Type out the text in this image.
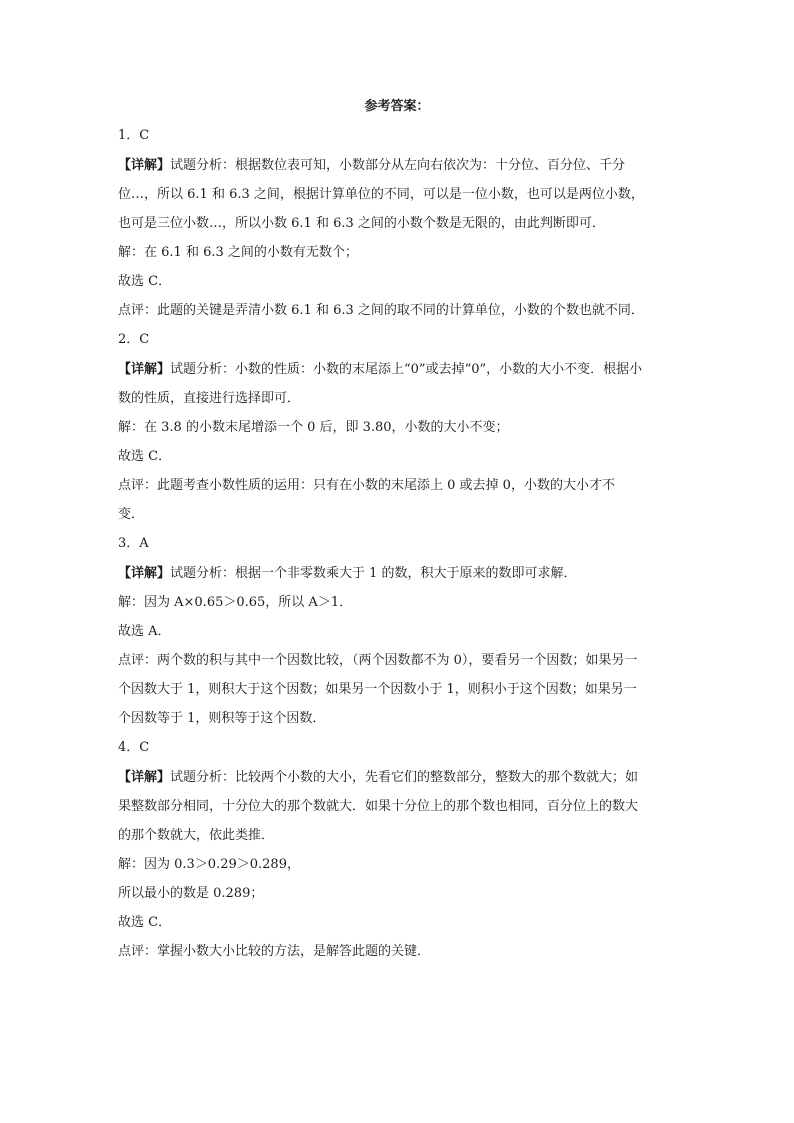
参考答案：
1．C
【详解】试题分析：根据数位表可知，小数部分从左向右依次为：十分位、百分位、千分
位…，所以 6.1 和 6.3 之间，根据计算单位的不同，可以是一位小数，也可以是两位小数，
也可是三位小数…，所以小数 6.1 和 6.3 之间的小数个数是无限的，由此判断即可．
解：在 6.1 和 6.3 之间的小数有无数个；
故选 C．
点评：此题的关键是弄清小数 6.1 和 6.3 之间的取不同的计算单位，小数的个数也就不同．
2．C
【详解】试题分析：小数的性质：小数的末尾添上“0”或去掉“0”，小数的大小不变．根据小
数的性质，直接进行选择即可．
解：在 3.8 的小数末尾增添一个 0 后，即 3.80，小数的大小不变；
故选 C．
点评：此题考查小数性质的运用：只有在小数的末尾添上 0 或去掉 0，小数的大小才不
变．
3．A
【详解】试题分析：根据一个非零数乘大于 1 的数，积大于原来的数即可求解．
解：因为 A×0.65＞0.65，所以 A＞1．
故选 A．
点评：两个数的积与其中一个因数比较，（两个因数都不为 0），要看另一个因数；如果另一
个因数大于 1，则积大于这个因数；如果另一个因数小于 1，则积小于这个因数；如果另一
个因数等于 1，则积等于这个因数．
4．C
【详解】试题分析：比较两个小数的大小，先看它们的整数部分，整数大的那个数就大；如
果整数部分相同，十分位大的那个数就大．如果十分位上的那个数也相同，百分位上的数大
的那个数就大，依此类推．
解：因为 0.3＞0.29＞0.289，
所以最小的数是 0.289；
故选 C．
点评：掌握小数大小比较的方法，是解答此题的关键．
